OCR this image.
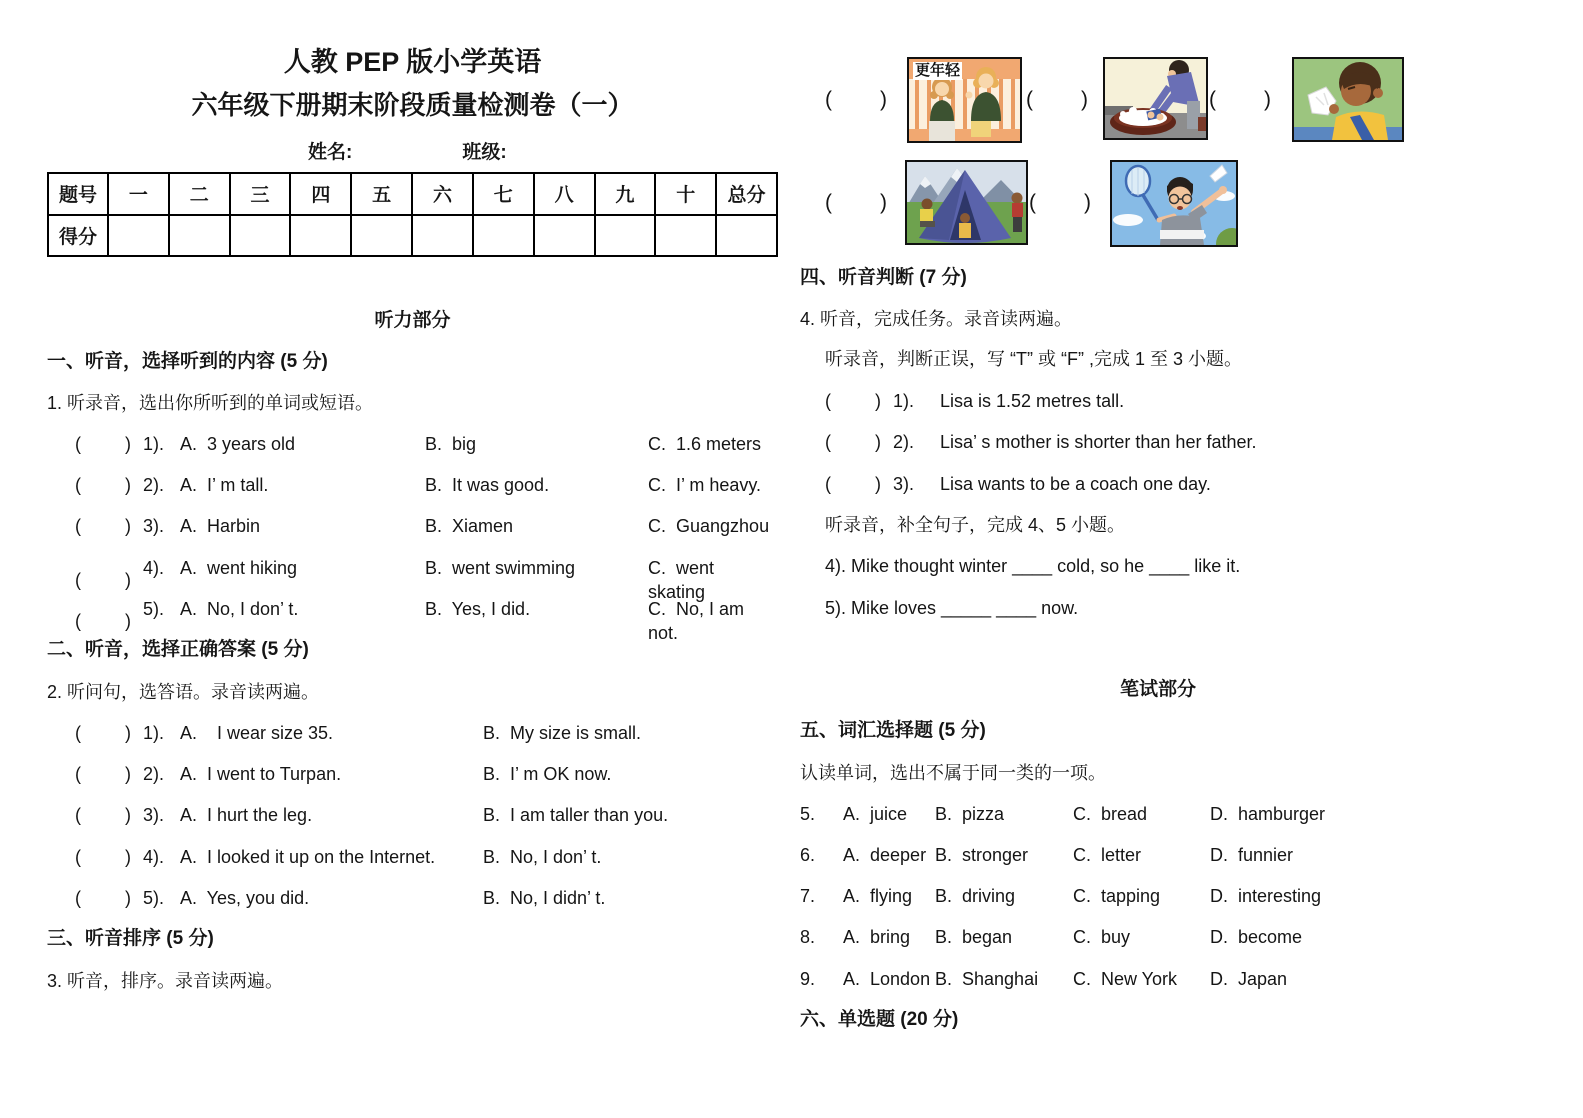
人教 PEP 版小学英语
六年级下册期末阶段质量检测卷（一）
姓名:	班级:
题号	一	二	三	四	五	六	七	八	九	十	总分
得分											
听力部分
一、听音，选择听到的内容 (5 分)
1. 听录音，选出你所听到的单词或短语。
( ) 1). A.  3 years old	B.  big	C.  1.6 meters
( ) 2). A.  I’ m tall.	B.  It was good.	C.  I’ m heavy.
( ) 3). A.  Harbin	B.  Xiamen	C.  Guangzhou
( )
4). A.  went hiking	B.  went swimming	C.  went skating
( )
5). A.  No, I don’ t.	B.  Yes, I did.	C.  No, I am not.
二、听音，选择正确答案 (5 分)
2. 听问句，选答语。录音读两遍。
( ) 1). A.    I wear size 35.	B.  My size is small.
( ) 2). A.  I went to Turpan.	B.  I’ m OK now.
( ) 3). A.  I hurt the leg.	B.  I am taller than you.
( ) 4). A.  I looked it up on the Internet.	B.  No, I don’ t.
( ) 5). A.  Yes, you did.	B.  No, I didn’ t.
三、听音排序 (5 分)
3. 听音，排序。录音读两遍。
( )	( )	( )
( )	( )
更年轻
四、听音判断 (7 分)
4. 听音，完成任务。录音读两遍。
听录音，判断正误，写 “T” 或 “F” ,完成 1 至 3 小题。
( ) 1).	Lisa is 1.52 metres tall.
( ) 2).	Lisa’ s mother is shorter than her father.
( ) 3).	Lisa wants to be a coach one day.
听录音，补全句子，完成 4、5 小题。
4). Mike thought winter ____ cold, so he ____ like it.
5). Mike loves _____ ____ now.
笔试部分
五、词汇选择题 (5 分)
认读单词，选出不属于同一类的一项。
5.	A.  juice	B.  pizza	C.  bread	D.  hamburger
6.	A.  deeper B.  stronger	C.  letter	D.  funnier
7.	A.  flying	B.  driving	C.  tapping	D.  interesting
8.	A.  bring	B.  began	C.  buy	D.  become
9.	A.  London B.  Shanghai	C.  New York	D.  Japan
六、单选题 (20 分)
